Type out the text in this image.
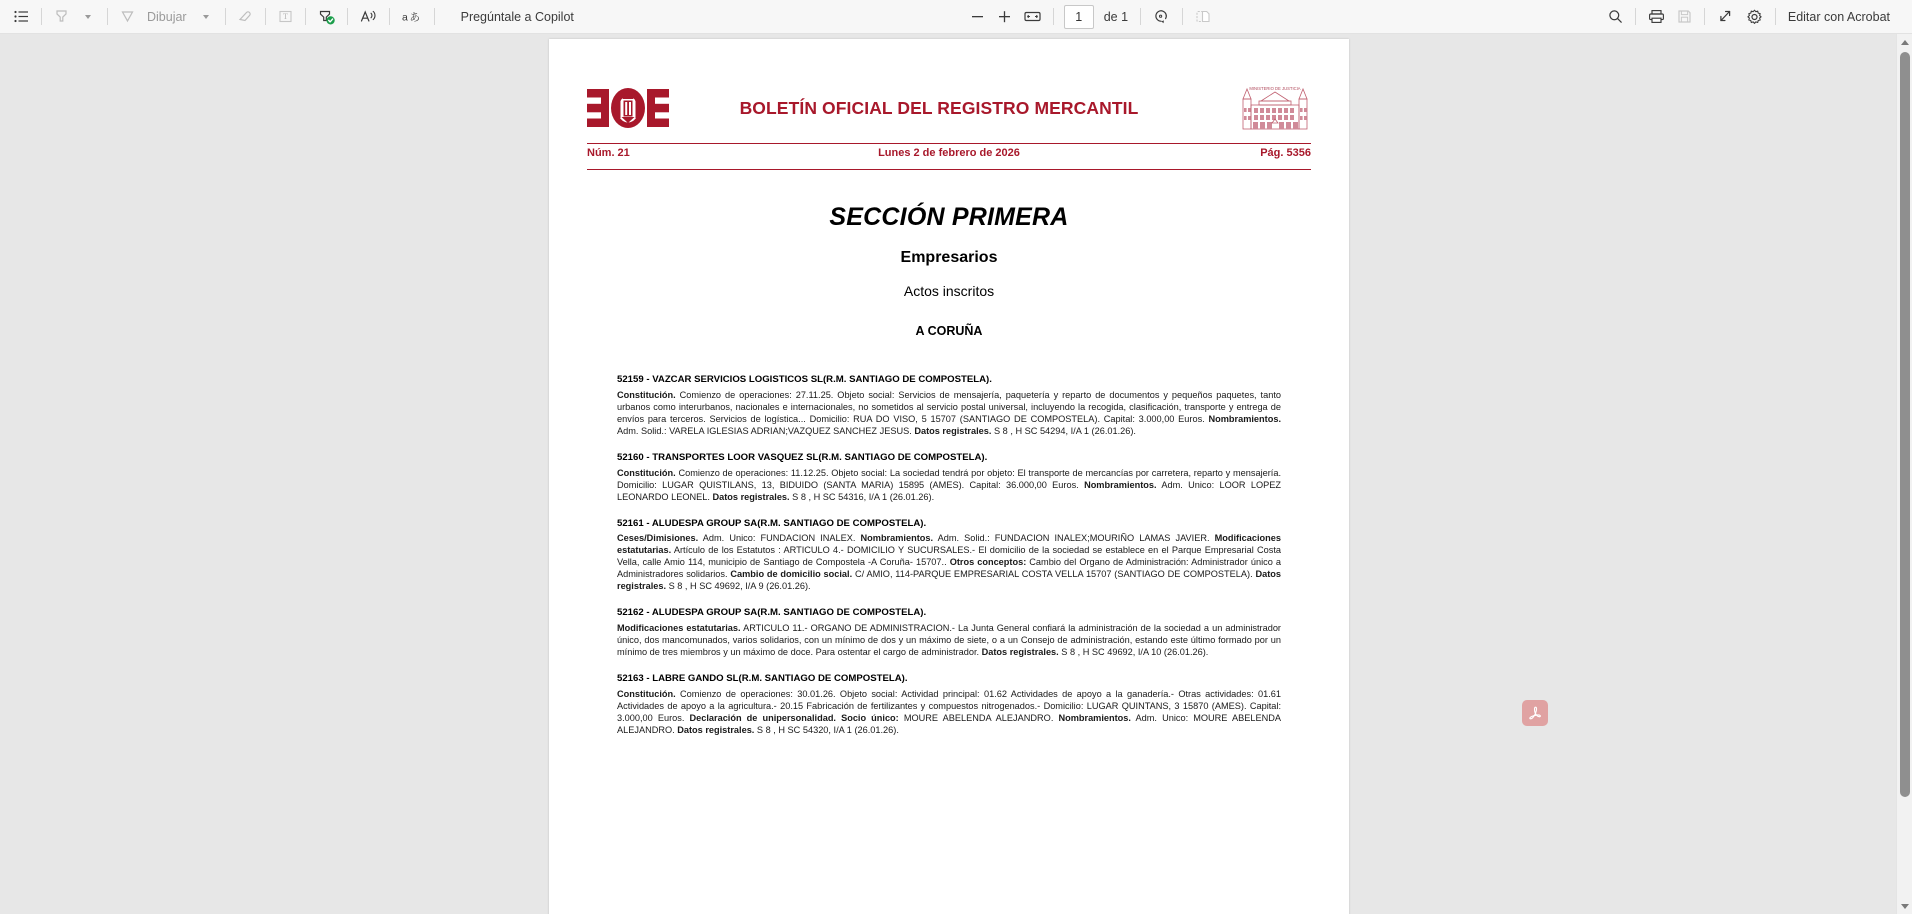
Dibujar	T	a あ	Pregúntale a Copilot	1	de 1	Editar con Acrobat
BOLETÍN OFICIAL DEL REGISTRO MERCANTIL
MINISTERIO DE JUSTICIA
Núm. 21	Lunes 2 de febrero de 2026	Pág. 5356
SECCIÓN PRIMERA
Empresarios
Actos inscritos
A CORUÑA
52159 - VAZCAR SERVICIOS LOGISTICOS SL(R.M. SANTIAGO DE COMPOSTELA).
Constitución. Comienzo de operaciones: 27.11.25. Objeto social: Servicios de mensajería, paquetería y reparto de documentos y pequeños paquetes, tanto urbanos como interurbanos, nacionales e internacionales, no sometidos al servicio postal universal, incluyendo la recogida, clasificación, transporte y entrega de envíos para terceros. Servicios de logística... Domicilio: RUA DO VISO, 5 15707 (SANTIAGO DE COMPOSTELA). Capital: 3.000,00 Euros. Nombramientos. Adm. Solid.: VARELA IGLESIAS ADRIAN;VAZQUEZ SANCHEZ JESUS. Datos registrales. S 8 , H SC 54294, I/A 1 (26.01.26).
52160 - TRANSPORTES LOOR VASQUEZ SL(R.M. SANTIAGO DE COMPOSTELA).
Constitución. Comienzo de operaciones: 11.12.25. Objeto social: La sociedad tendrá por objeto: El transporte de mercancías por carretera, reparto y mensajería. Domicilio: LUGAR QUISTILANS, 13, BIDUIDO (SANTA MARIA) 15895 (AMES). Capital: 36.000,00 Euros. Nombramientos. Adm. Unico: LOOR LOPEZ LEONARDO LEONEL. Datos registrales. S 8 , H SC 54316, I/A 1 (26.01.26).
52161 - ALUDESPA GROUP SA(R.M. SANTIAGO DE COMPOSTELA).
Ceses/Dimisiones. Adm. Unico: FUNDACION INALEX. Nombramientos. Adm. Solid.: FUNDACION INALEX;MOURIÑO LAMAS JAVIER. Modificaciones estatutarias. Artículo de los Estatutos : ARTICULO 4.- DOMICILIO Y SUCURSALES.- El domicilio de la sociedad se establece en el Parque Empresarial Costa Vella, calle Amio 114, municipio de Santiago de Compostela -A Coruña- 15707.. Otros conceptos: Cambio del Organo de Administración: Administrador único a Administradores solidarios. Cambio de domicilio social. C/ AMIO, 114-PARQUE EMPRESARIAL COSTA VELLA 15707 (SANTIAGO DE COMPOSTELA). Datos registrales. S 8 , H SC 49692, I/A 9 (26.01.26).
52162 - ALUDESPA GROUP SA(R.M. SANTIAGO DE COMPOSTELA).
Modificaciones estatutarias. ARTICULO 11.- ORGANO DE ADMINISTRACION.- La Junta General confiará la administración de la sociedad a un administrador único, dos mancomunados, varios solidarios, con un mínimo de dos y un máximo de siete, o a un Consejo de administración, estando este último formado por un mínimo de tres miembros y un máximo de doce. Para ostentar el cargo de administrador. Datos registrales. S 8 , H SC 49692, I/A 10 (26.01.26).
52163 - LABRE GANDO SL(R.M. SANTIAGO DE COMPOSTELA).
Constitución. Comienzo de operaciones: 30.01.26. Objeto social: Actividad principal: 01.62 Actividades de apoyo a la ganadería.- Otras actividades: 01.61 Actividades de apoyo a la agricultura.- 20.15 Fabricación de fertilizantes y compuestos nitrogenados.- Domicilio: LUGAR QUINTANS, 3 15870 (AMES). Capital: 3.000,00 Euros. Declaración de unipersonalidad. Socio único: MOURE ABELENDA ALEJANDRO. Nombramientos. Adm. Unico: MOURE ABELENDA ALEJANDRO. Datos registrales. S 8 , H SC 54320, I/A 1 (26.01.26).
